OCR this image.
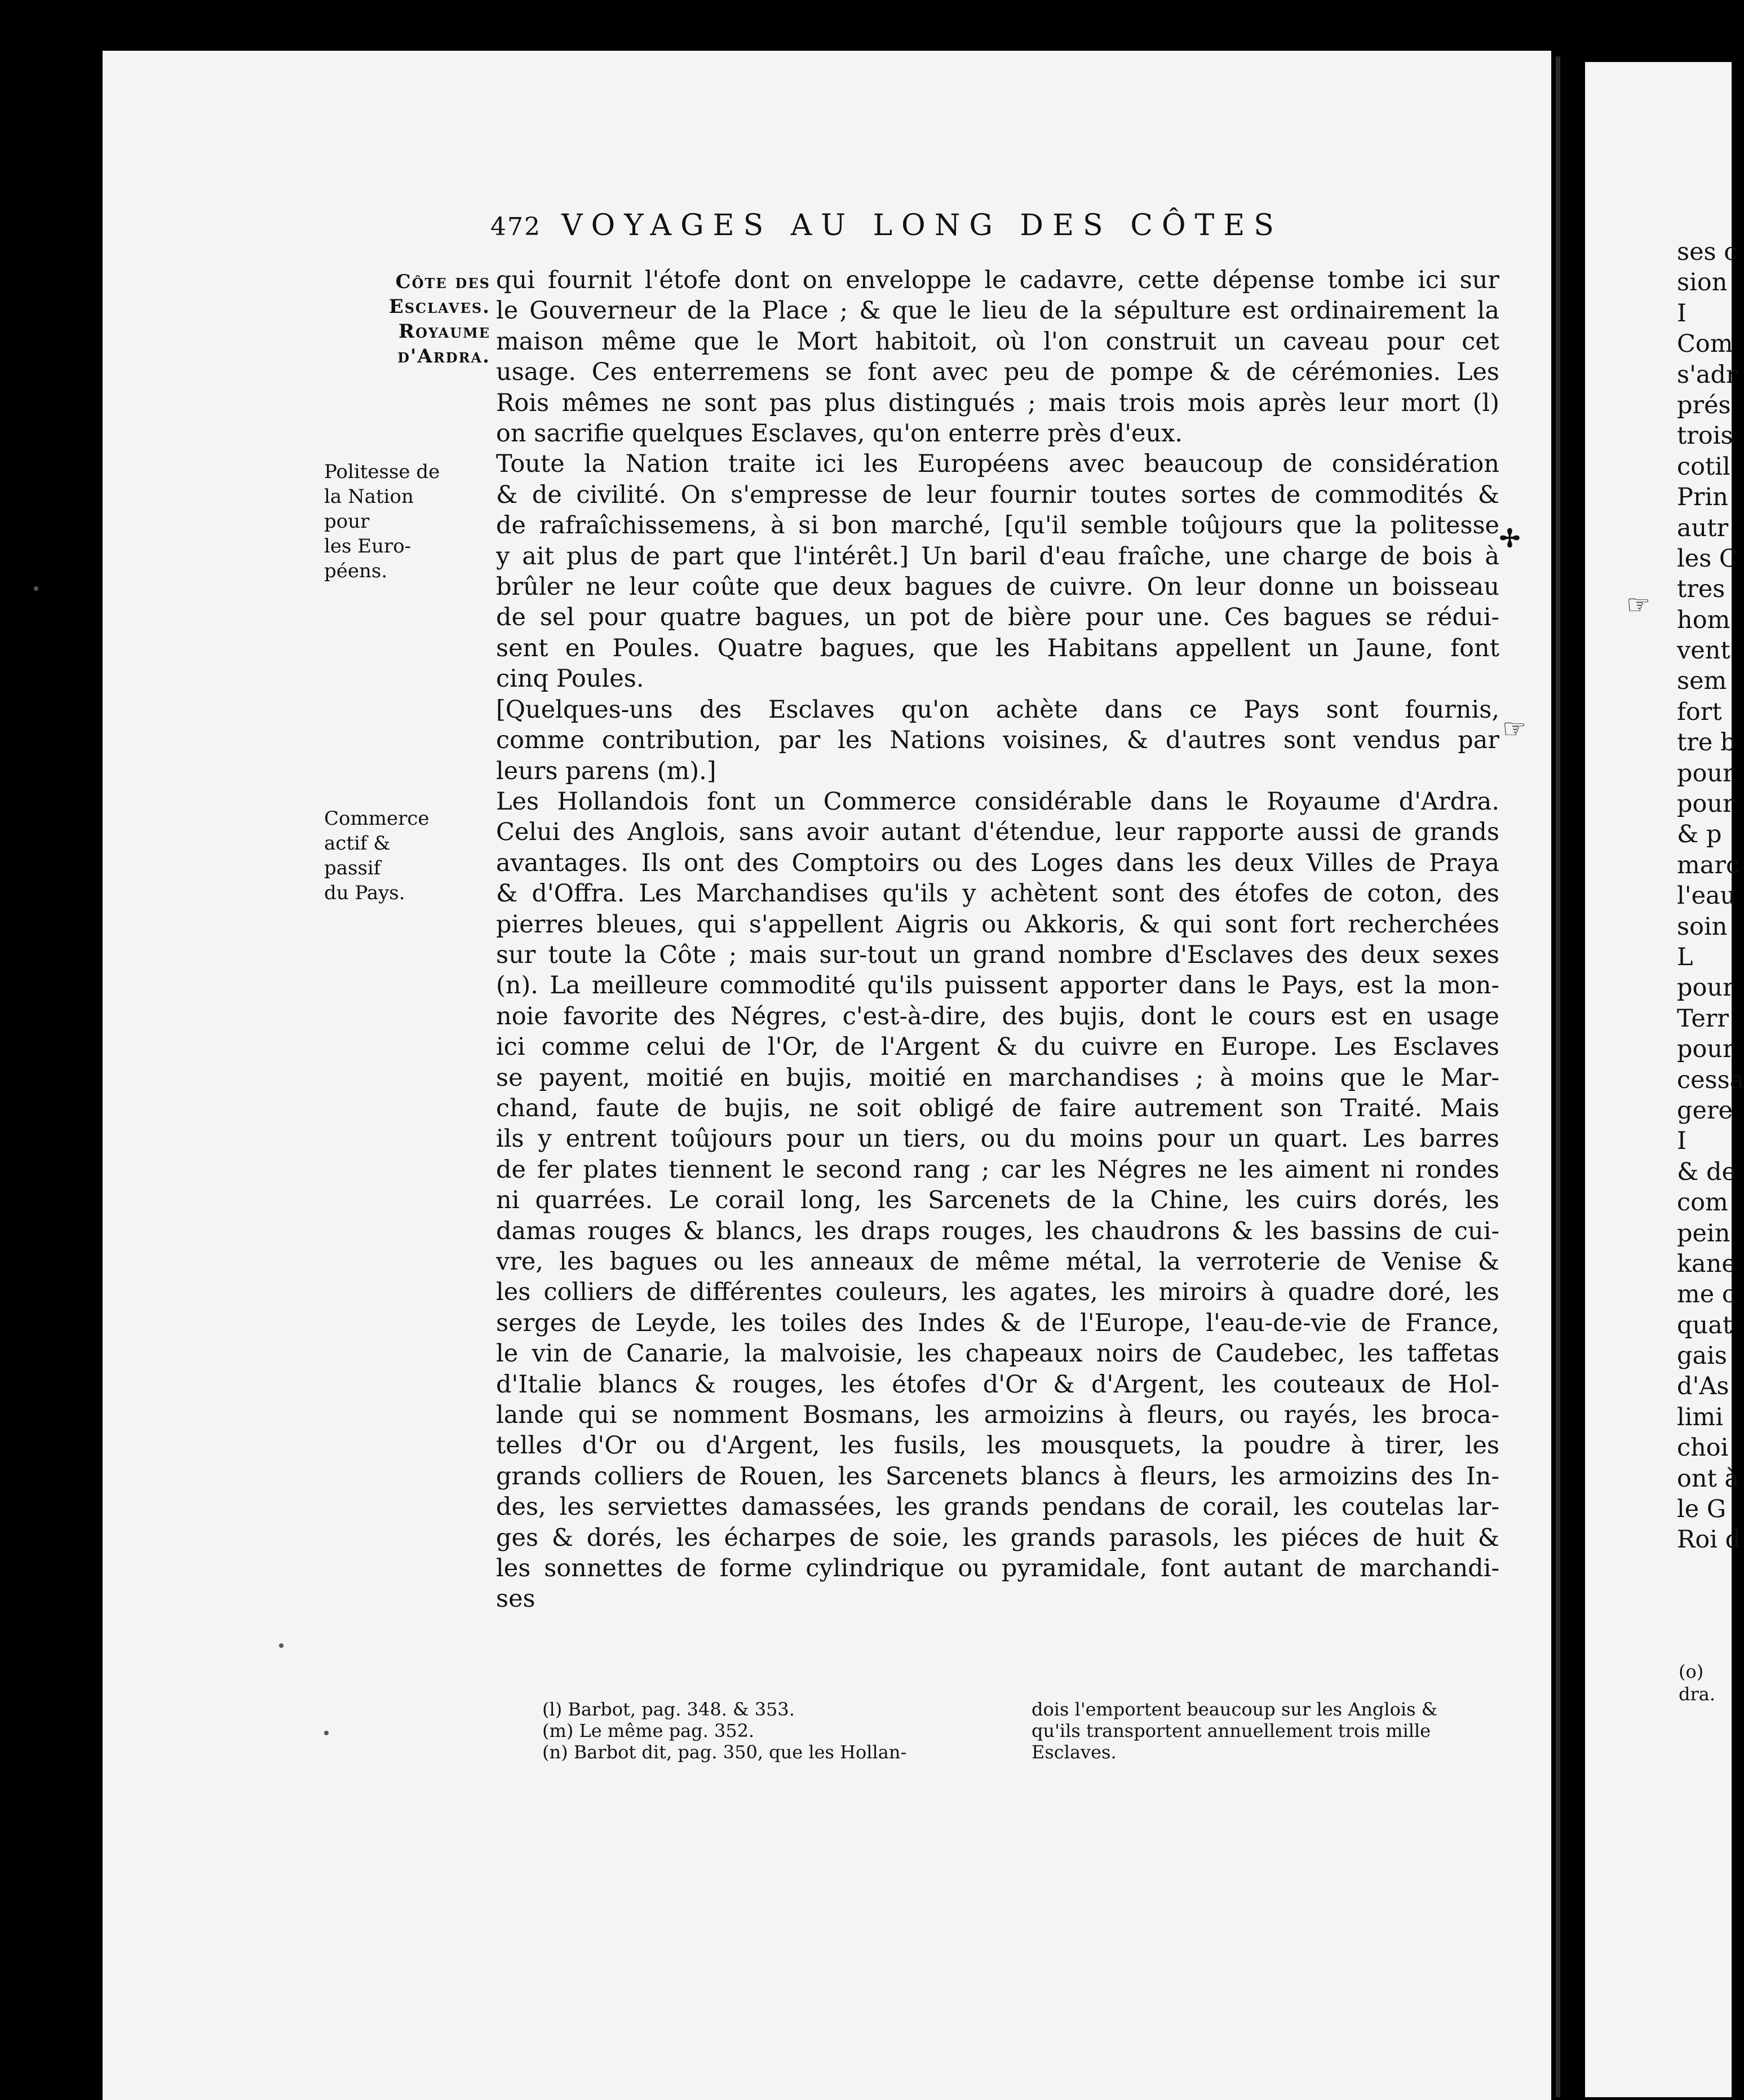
472 VOYAGES AU LONG DES CÔTES
Côte des
Esclaves.
Royaume
d'Ardra.
Politesse de
la Nation pour
les Euro-
péens.
Commerce
actif & passif
du Pays.
qui fournit l'étofe dont on enveloppe le cadavre, cette dépense tombe ici sur
le Gouverneur de la Place ; & que le lieu de la sépulture est ordinairement la
maison même que le Mort habitoit, où l'on construit un caveau pour cet
usage. Ces enterremens se font avec peu de pompe & de cérémonies. Les
Rois mêmes ne sont pas plus distingués ; mais trois mois après leur mort (l)
on sacrifie quelques Esclaves, qu'on enterre près d'eux.
Toute la Nation traite ici les Européens avec beaucoup de considération
& de civilité. On s'empresse de leur fournir toutes sortes de commodités &
de rafraîchissemens, à si bon marché, [qu'il semble toûjours que la politesse
y ait plus de part que l'intérêt.] Un baril d'eau fraîche, une charge de bois à
brûler ne leur coûte que deux bagues de cuivre. On leur donne un boisseau
de sel pour quatre bagues, un pot de bière pour une. Ces bagues se rédui-
sent en Poules. Quatre bagues, que les Habitans appellent un Jaune, font
cinq Poules.
[Quelques-uns des Esclaves qu'on achète dans ce Pays sont fournis,
comme contribution, par les Nations voisines, & d'autres sont vendus par
leurs parens (m).]
Les Hollandois font un Commerce considérable dans le Royaume d'Ardra.
Celui des Anglois, sans avoir autant d'étendue, leur rapporte aussi de grands
avantages. Ils ont des Comptoirs ou des Loges dans les deux Villes de Praya
& d'Offra. Les Marchandises qu'ils y achètent sont des étofes de coton, des
pierres bleues, qui s'appellent Aigris ou Akkoris, & qui sont fort recherchées
sur toute la Côte ; mais sur-tout un grand nombre d'Esclaves des deux sexes
(n). La meilleure commodité qu'ils puissent apporter dans le Pays, est la mon-
noie favorite des Négres, c'est-à-dire, des bujis, dont le cours est en usage
ici comme celui de l'Or, de l'Argent & du cuivre en Europe. Les Esclaves
se payent, moitié en bujis, moitié en marchandises ; à moins que le Mar-
chand, faute de bujis, ne soit obligé de faire autrement son Traité. Mais
ils y entrent toûjours pour un tiers, ou du moins pour un quart. Les barres
de fer plates tiennent le second rang ; car les Négres ne les aiment ni rondes
ni quarrées. Le corail long, les Sarcenets de la Chine, les cuirs dorés, les
damas rouges & blancs, les draps rouges, les chaudrons & les bassins de cui-
vre, les bagues ou les anneaux de même métal, la verroterie de Venise &
les colliers de différentes couleurs, les agates, les miroirs à quadre doré, les
serges de Leyde, les toiles des Indes & de l'Europe, l'eau-de-vie de France,
le vin de Canarie, la malvoisie, les chapeaux noirs de Caudebec, les taffetas
d'Italie blancs & rouges, les étofes d'Or & d'Argent, les couteaux de Hol-
lande qui se nomment Bosmans, les armoizins à fleurs, ou rayés, les broca-
telles d'Or ou d'Argent, les fusils, les mousquets, la poudre à tirer, les
grands colliers de Rouen, les Sarcenets blancs à fleurs, les armoizins des In-
des, les serviettes damassées, les grands pendans de corail, les coutelas lar-
ges & dorés, les écharpes de soie, les grands parasols, les piéces de huit &
les sonnettes de forme cylindrique ou pyramidale, font autant de marchandi-
ses
✢
☞
☞
(l) Barbot, pag. 348. & 353.
(m) Le même pag. 352.
(n) Barbot dit, pag. 350, que les Hollan-
dois l'emportent beaucoup sur les Anglois &
qu'ils transportent annuellement trois mille
Esclaves.
ses c
sion
I
Com
s'adr
prés
trois
cotil
Prin
autr
les C
tres
hom
vent
sem
fort
tre b
pour
pour
& p
marc
l'eau
soin
L
pour
Terr
pour
cessa
gere
I
& de
com
pein
kane
me c
quat
gais
d'As
limi
choi
ont à
le G
Roi d
(o)
dra.
